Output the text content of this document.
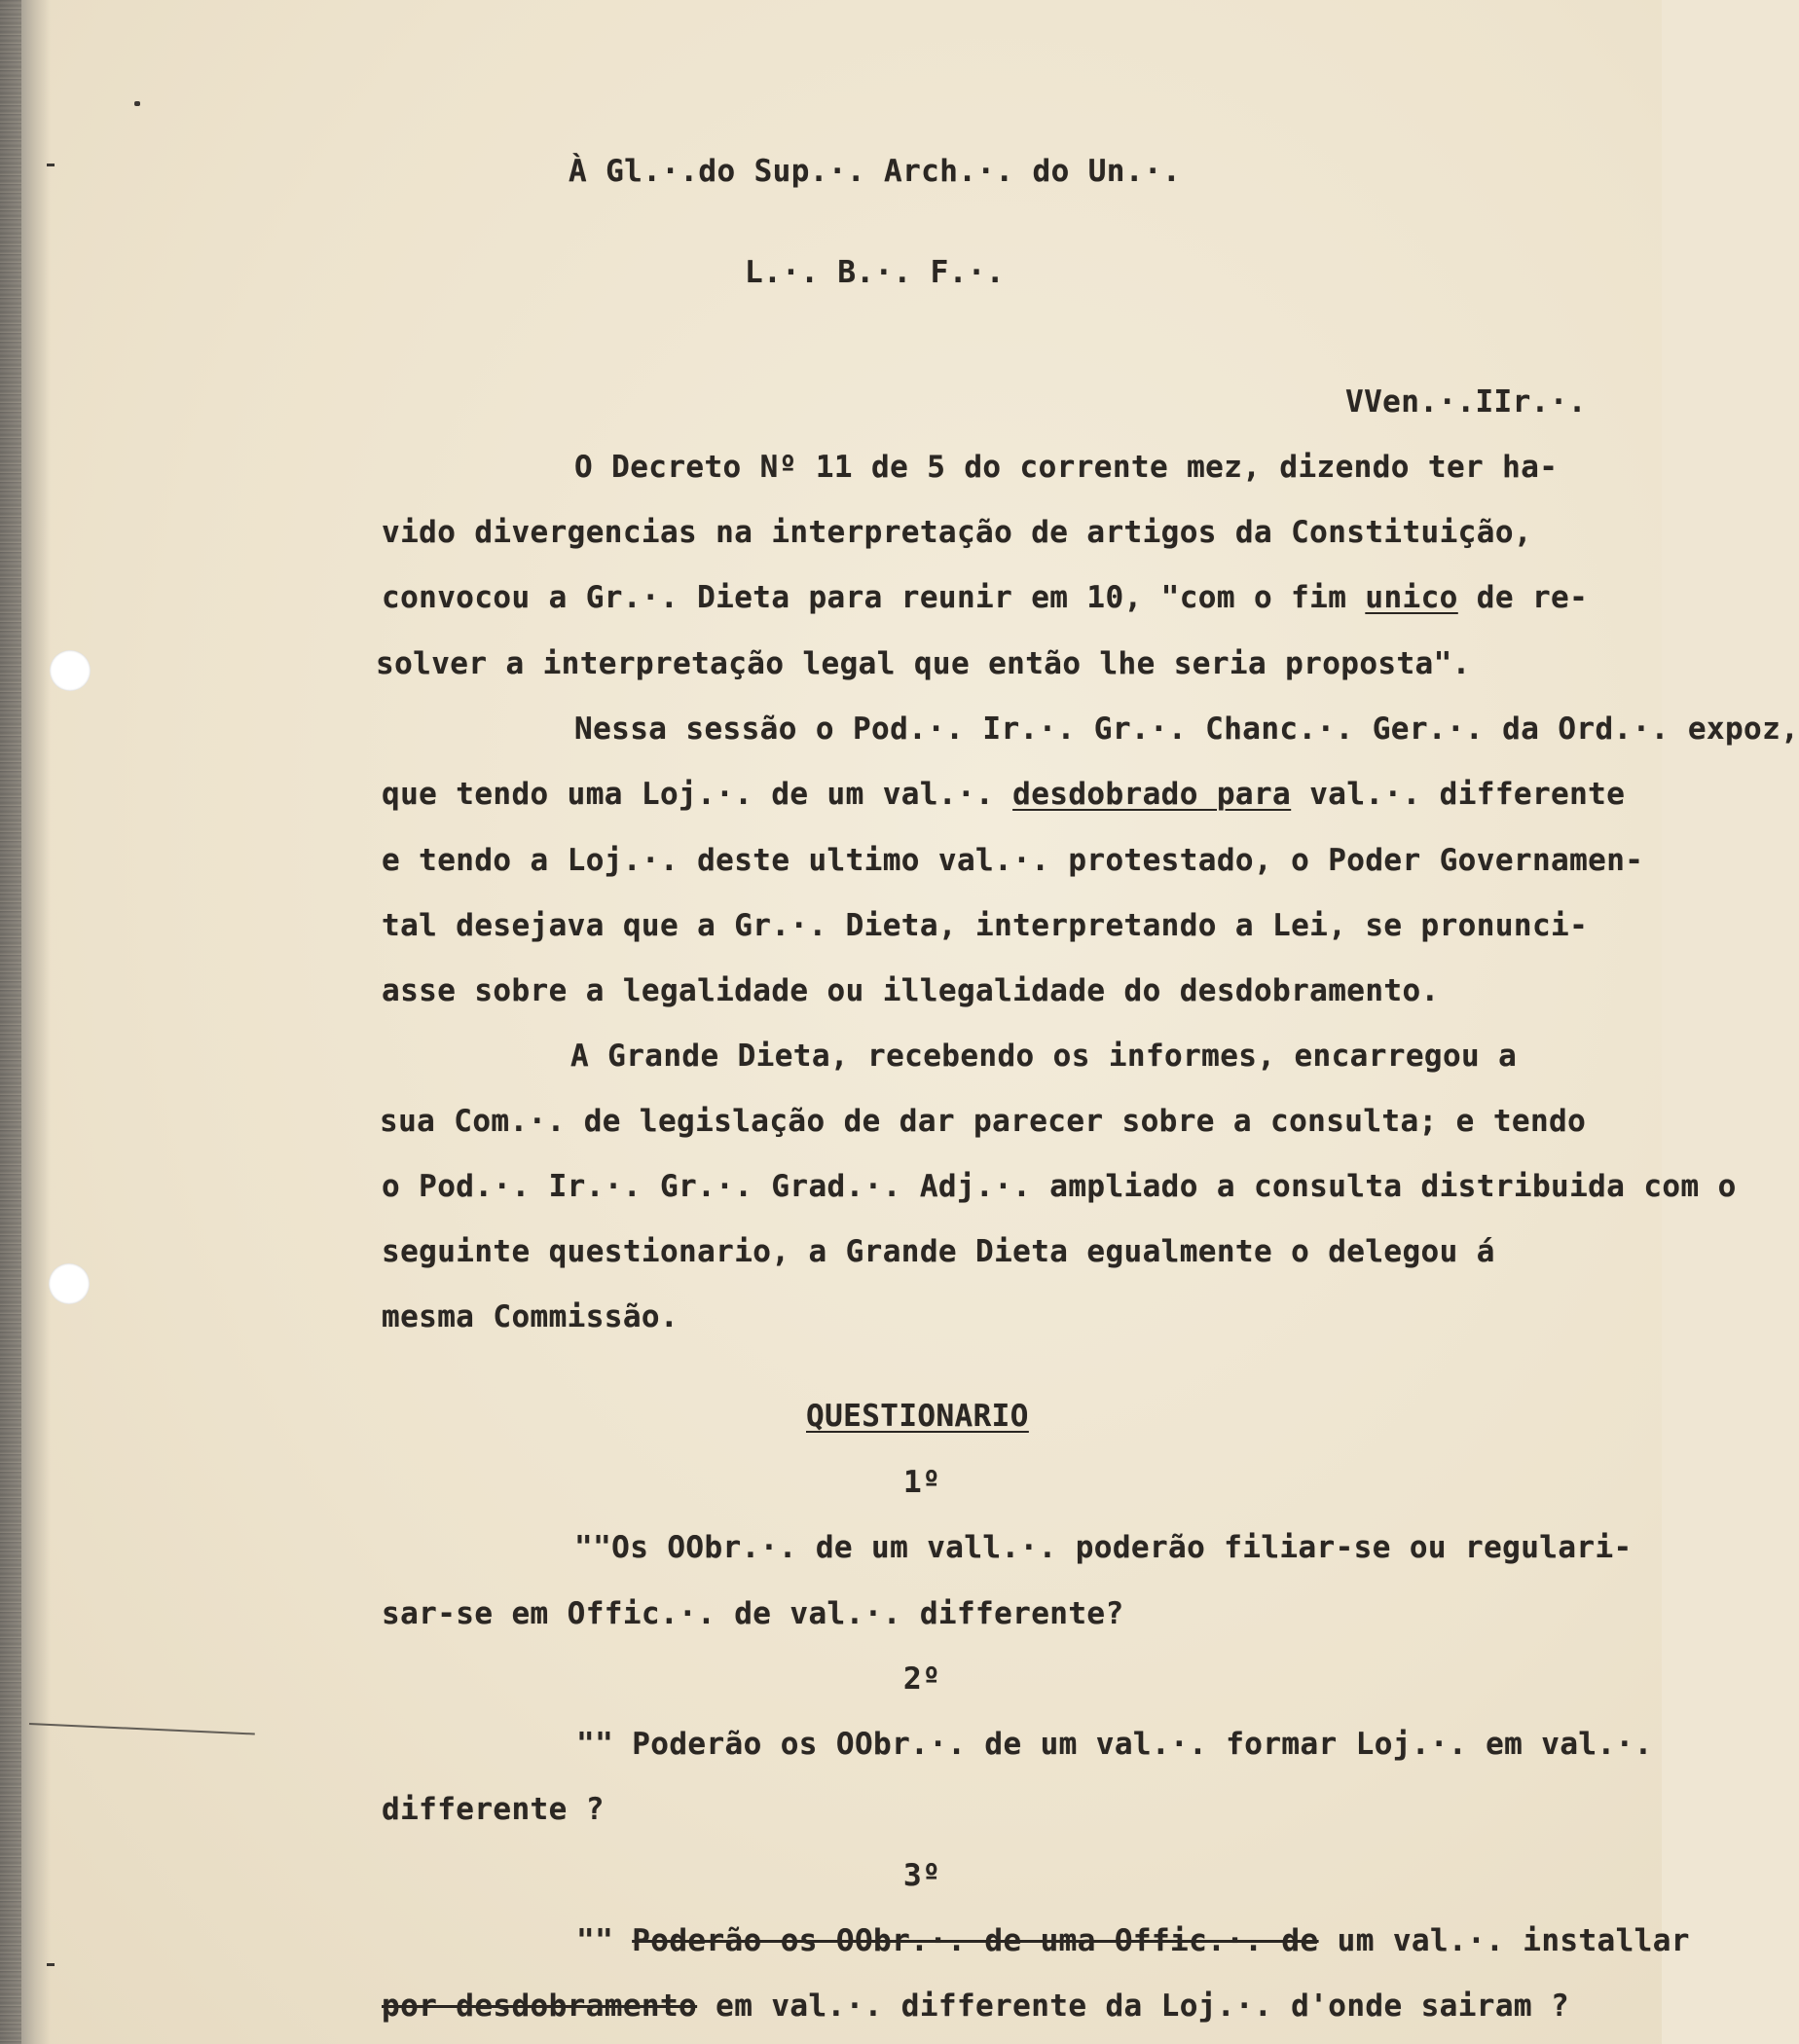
À Gl.·.do Sup.·. Arch.·. do Un.·.
L.·. B.·. F.·.
VVen.·.IIr.·.
O Decreto Nº 11 de 5 do corrente mez, dizendo ter ha-
vido divergencias na interpretação de artigos da Constituição,
convocou a Gr.·. Dieta para reunir em 10, "com o fim unico de re-
solver a interpretação legal que então lhe seria proposta".
Nessa sessão o Pod.·. Ir.·. Gr.·. Chanc.·. Ger.·. da Ord.·. expoz,
que tendo uma Loj.·. de um val.·. desdobrado para val.·. differente
e tendo a Loj.·. deste ultimo val.·. protestado, o Poder Governamen-
tal desejava que a Gr.·. Dieta, interpretando a Lei, se pronunci-
asse sobre a legalidade ou illegalidade do desdobramento.
A Grande Dieta, recebendo os informes, encarregou a
sua Com.·. de legislação de dar parecer sobre a consulta; e tendo
o Pod.·. Ir.·. Gr.·. Grad.·. Adj.·. ampliado a consulta distribuida com o
seguinte questionario, a Grande Dieta egualmente o delegou á
mesma Commissão.
QUESTIONARIO
1º
""Os OObr.·. de um vall.·. poderão filiar-se ou regulari-
sar-se em Offic.·. de val.·. differente?
2º
"" Poderão os OObr.·. de um val.·. formar Loj.·. em val.·.
differente ?
3º
"" Poderão os OObr.·. de uma Offic.·. de um val.·. installar
por desdobramento em val.·. differente da Loj.·. d'onde sairam ?
